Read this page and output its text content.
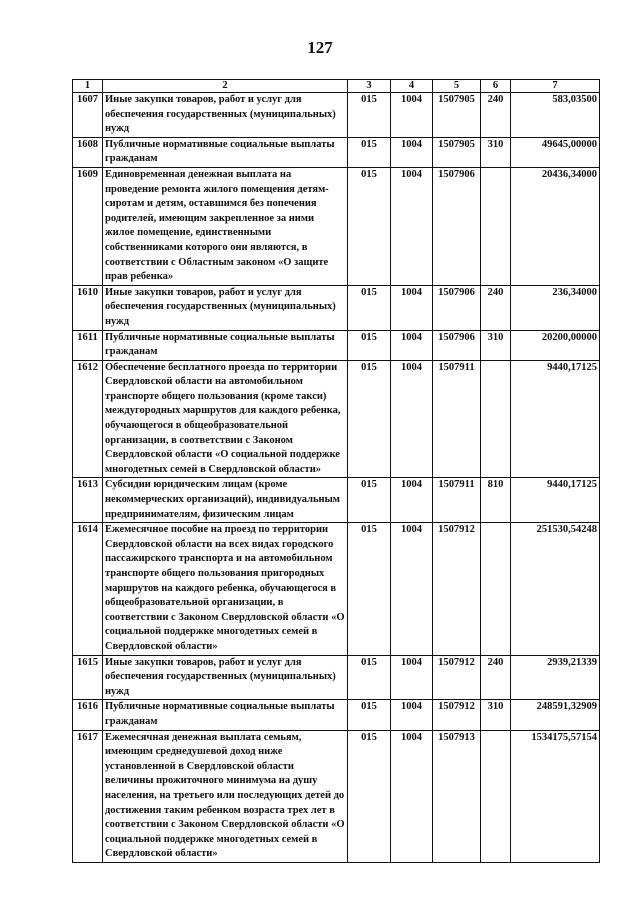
127
1	2	3	4	5	6	7
1607	Иные закупки товаров, работ и услуг для обеспечения государственных (муниципальных) нужд	015	1004	1507905	240	583,03500
1608	Публичные нормативные социальные выплаты гражданам	015	1004	1507905	310	49645,00000
1609	Единовременная денежная выплата на проведение ремонта жилого помещения детям-сиротам и детям, оставшимся без попечения родителей, имеющим закрепленное за ними жилое помещение, единственными собственниками которого они являются, в соответствии с Областным законом «О защите прав ребенка»	015	1004	1507906		20436,34000
1610	Иные закупки товаров, работ и услуг для обеспечения государственных (муниципальных) нужд	015	1004	1507906	240	236,34000
1611	Публичные нормативные социальные выплаты гражданам	015	1004	1507906	310	20200,00000
1612	Обеспечение бесплатного проезда по территории Свердловской области на автомобильном транспорте общего пользования (кроме такси) междугородных маршрутов для каждого ребенка, обучающегося в общеобразовательной организации, в соответствии с Законом Свердловской области «О социальной поддержке многодетных семей в Свердловской области»	015	1004	1507911		9440,17125
1613	Субсидии юридическим лицам (кроме некоммерческих организаций), индивидуальным предпринимателям, физическим лицам	015	1004	1507911	810	9440,17125
1614	Ежемесячное пособие на проезд по территории Свердловской области на всех видах городского пассажирского транспорта и на автомобильном транспорте общего пользования пригородных маршрутов на каждого ребенка, обучающегося в общеобразовательной организации, в соответствии с Законом Свердловской области «О социальной поддержке многодетных семей в Свердловской области»	015	1004	1507912		251530,54248
1615	Иные закупки товаров, работ и услуг для обеспечения государственных (муниципальных) нужд	015	1004	1507912	240	2939,21339
1616	Публичные нормативные социальные выплаты гражданам	015	1004	1507912	310	248591,32909
1617	Ежемесячная денежная выплата семьям, имеющим среднедушевой доход ниже установленной в Свердловской области величины прожиточного минимума на душу населения, на третьего или последующих детей до достижения таким ребенком возраста трех лет в соответствии с Законом Свердловской области «О социальной поддержке многодетных семей в Свердловской области»	015	1004	1507913		1534175,57154
